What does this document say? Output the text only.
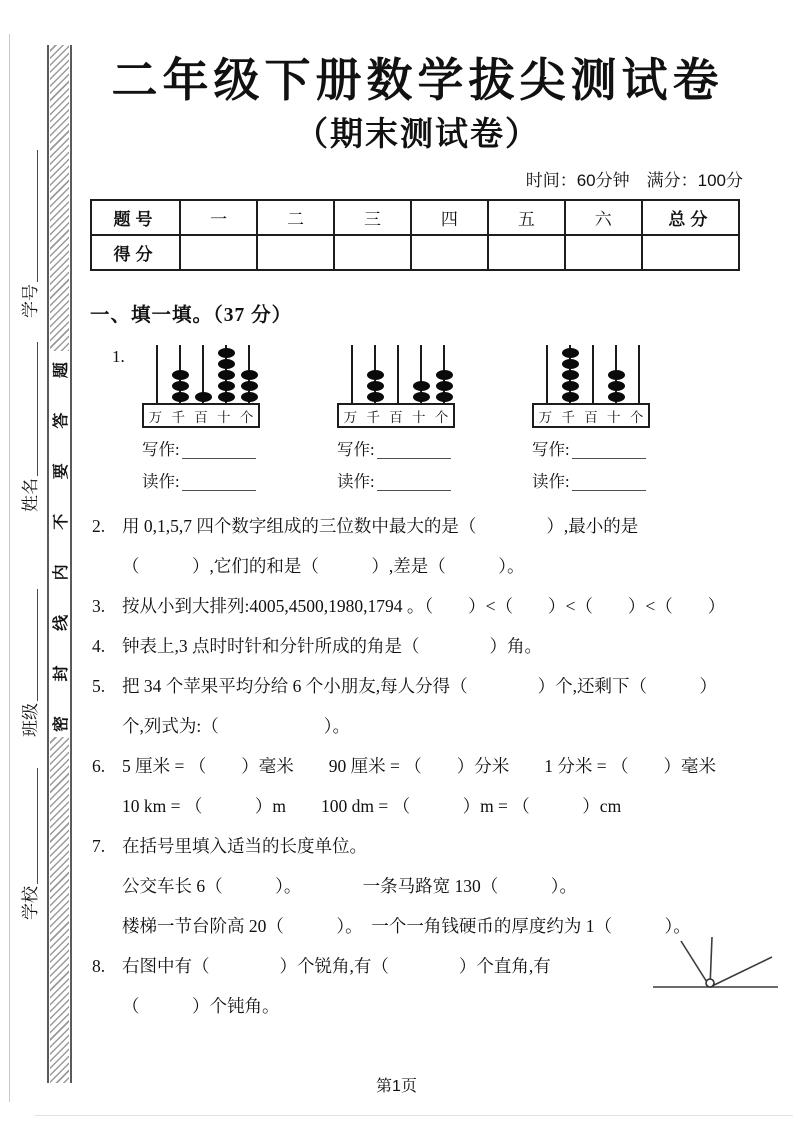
密
封
线
内
不
要
答
题
学号
姓名
班级
学校
二年级下册数学拔尖测试卷
（期末测试卷）
时间：60分钟　满分：100分
题号	一	二	三	四	五	六	总分
得分							
一、填一填。（37 分）
1.
万 千 百 十 个
写作:
读作:
万 千 百 十 个
写作:
读作:
万 千 百 十 个
写作:
读作:
2. 用 0,1,5,7 四个数字组成的三位数中最大的是（　　　　）,最小的是
（　　　）,它们的和是（　　　）,差是（　　　）。
3. 按从小到大排列:4005,4500,1980,1794 。（　　）<（　　）<（　　）<（　　）
4. 钟表上,3 点时时针和分针所成的角是（　　　　）角。
5. 把 34 个苹果平均分给 6 个小朋友,每人分得（　　　　）个,还剩下（　　　）
个,列式为:（　　　　　　）。
6. 5 厘米 = （　　）毫米　　90 厘米 = （　　）分米　　1 分米 = （　　）毫米
10 km = （　　　）m　　100 dm = （　　　）m = （　　　）cm
7. 在括号里填入适当的长度单位。
公交车长 6（　　　）。　　　　一条马路宽 130（　　　）。
楼梯一节台阶高 20（　　　）。　一个一角钱硬币的厚度约为 1（　　　）。
8. 右图中有（　　　　）个锐角,有（　　　　）个直角,有
（　　　）个钝角。
第1页
